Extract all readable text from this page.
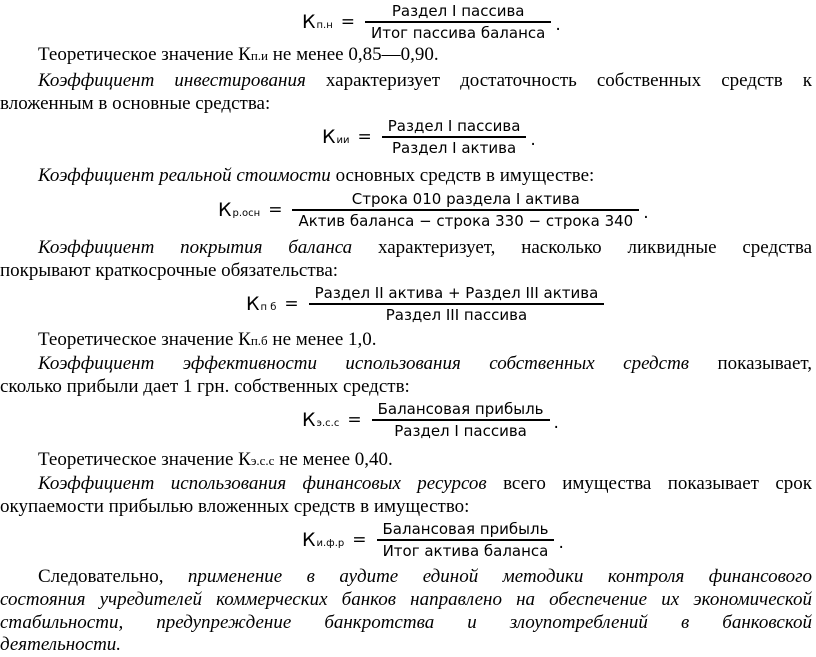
К $п.н = \frac{\text{Раздел I пассива}}{\text{Итог пассива баланса}}$ .
Теоретическое значение Кп.и не менее 0,85—0,90.
Коэффициент инвестирования характеризует достаточность собственных средств к
вложенным в основные средства:
К ии = $\frac{\text{Раздел I пассива}}{\text{Раздел I актива}}$ .
Коэффициент реальной стоимости основных средств в имуществе:
К $р.осн = \frac{\text{Строка 010 раздела I актива}}{\text{Актив баланса − строка 330 − строка 340}}$ .
Коэффициент покрытия баланса характеризует, насколько ликвидные средства
покрывают краткосрочные обязательства:
К п $б = \frac{\text{Раздел II актива + Раздел III актива}}{\text{Раздел III пассива}}$
Теоретическое значение Кп.б не менее 1,0.
Коэффициент эффективности использования собственных средств показывает,
сколько прибыли дает 1 грн. собственных средств:
К $э.с.с = \frac{\text{Балансовая прибыль}}{\text{Раздел I пассива}}$ .
Теоретическое значение Кэ.с.с не менее 0,40.
Коэффициент использования финансовых ресурсов всего имущества показывает срок
окупаемости прибылью вложенных средств в имущество:
К $и.ф.р = \frac{\text{Балансовая прибыль}}{\text{Итог актива баланса}}$ .
Следовательно, применение в аудите единой методики контроля финансового
состояния учредителей коммерческих банков направлено на обеспечение их экономической
стабильности, предупреждение банкротства и злоупотреблений в банковской
деятельности.
